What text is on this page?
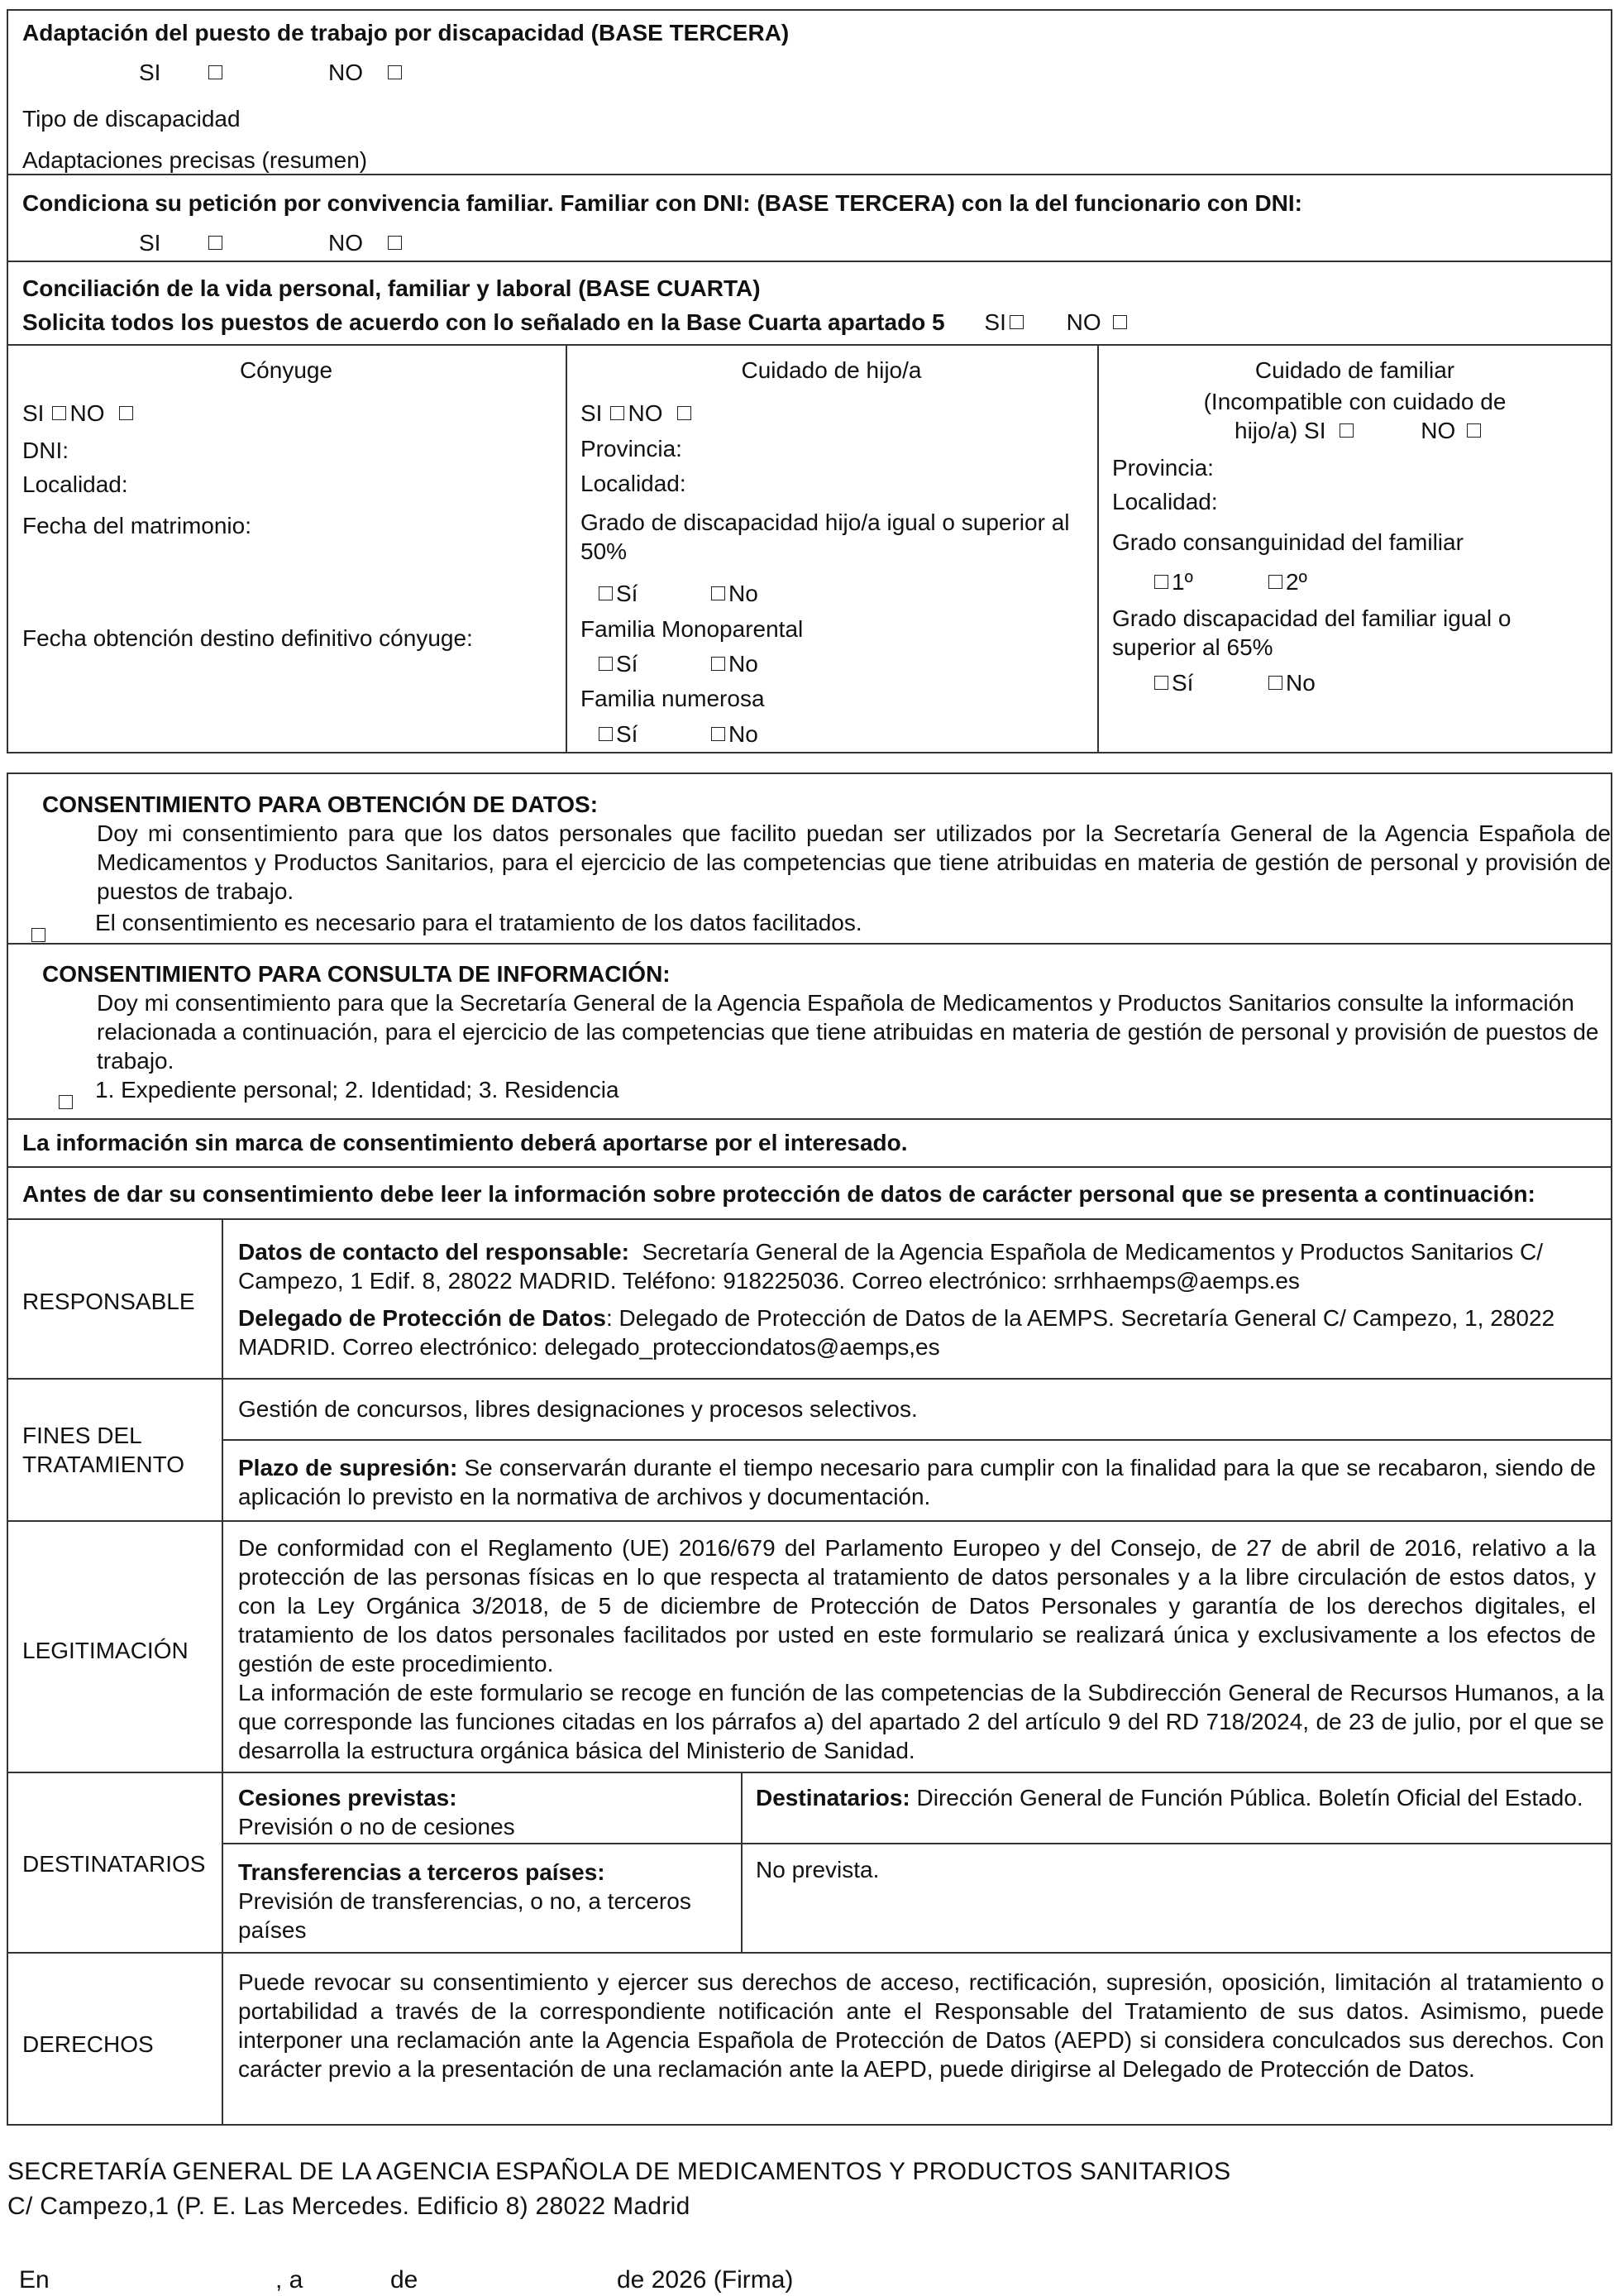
Adaptación del puesto de trabajo por discapacidad (BASE TERCERA)
SI	NO
Tipo de discapacidad
Adaptaciones precisas (resumen)
Condiciona su petición por convivencia familiar. Familiar con DNI: (BASE TERCERA) con la del funcionario con DNI:
SI	NO
Conciliación de la vida personal, familiar y laboral (BASE CUARTA)
Solicita todos los puestos de acuerdo con lo señalado en la Base Cuarta apartado 5 SI	NO
Cónyuge
SI NO
DNI:
Localidad:
Fecha del matrimonio:
Fecha obtención destino definitivo cónyuge:
Cuidado de hijo/a
SI NO
Provincia:
Localidad:
Grado de discapacidad hijo/a igual o superior al 50%
Sí	No
Familia Monoparental
Sí	No
Familia numerosa
Sí	No
Cuidado de familiar
(Incompatible con cuidado de
hijo/a) SI	NO
Provincia:
Localidad:
Grado consanguinidad del familiar
1º	2º
Grado discapacidad del familiar igual o superior al 65%
Sí	No
CONSENTIMIENTO PARA OBTENCIÓN DE DATOS:
Doy mi consentimiento para que los datos personales que facilito puedan ser utilizados por la Secretaría General de la Agencia Española de Medicamentos y Productos Sanitarios, para el ejercicio de las competencias que tiene atribuidas en materia de gestión de personal y provisión de puestos de trabajo.

El consentimiento es necesario para el tratamiento de los datos facilitados.
CONSENTIMIENTO PARA CONSULTA DE INFORMACIÓN:
Doy mi consentimiento para que la Secretaría General de la Agencia Española de Medicamentos y Productos Sanitarios consulte la información relacionada a continuación, para el ejercicio de las competencias que tiene atribuidas en materia de gestión de personal y provisión de puestos de trabajo.
1. Expediente personal; 2. Identidad; 3. Residencia
La información sin marca de consentimiento deberá aportarse por el interesado.
Antes de dar su consentimiento debe leer la información sobre protección de datos de carácter personal que se presenta a continuación:
RESPONSABLE
Datos de contacto del responsable: Secretaría General de la Agencia Española de Medicamentos y Productos Sanitarios C/ Campezo, 1 Edif. 8, 28022 MADRID. Teléfono: 918225036. Correo electrónico: srrhhaemps@aemps.es
Delegado de Protección de Datos: Delegado de Protección de Datos de la AEMPS. Secretaría General C/ Campezo, 1, 28022 MADRID. Correo electrónico: delegado_protecciondatos@aemps,es
FINES DEL TRATAMIENTO
Gestión de concursos, libres designaciones y procesos selectivos.
Plazo de supresión: Se conservarán durante el tiempo necesario para cumplir con la finalidad para la que se recabaron, siendo de aplicación lo previsto en la normativa de archivos y documentación.
LEGITIMACIÓN
De conformidad con el Reglamento (UE) 2016/679 del Parlamento Europeo y del Consejo, de 27 de abril de 2016, relativo a la protección de las personas físicas en lo que respecta al tratamiento de datos personales y a la libre circulación de estos datos, y con la Ley Orgánica 3/2018, de 5 de diciembre de Protección de Datos Personales y garantía de los derechos digitales, el tratamiento de los datos personales facilitados por usted en este formulario se realizará única y exclusivamente a los efectos de gestión de este procedimiento.
La información de este formulario se recoge en función de las competencias de la Subdirección General de Recursos Humanos, a la que corresponde las funciones citadas en los párrafos a) del apartado 2 del artículo 9 del RD 718/2024, de 23 de julio, por el que se desarrolla la estructura orgánica básica del Ministerio de Sanidad.
DESTINATARIOS
Cesiones previstas:
Previsión o no de cesiones
Destinatarios: Dirección General de Función Pública. Boletín Oficial del Estado.
Transferencias a terceros países:
Previsión de transferencias, o no, a terceros países
No prevista.
DERECHOS
Puede revocar su consentimiento y ejercer sus derechos de acceso, rectificación, supresión, oposición, limitación al tratamiento o portabilidad a través de la correspondiente notificación ante el Responsable del Tratamiento de sus datos. Asimismo, puede interponer una reclamación ante la Agencia Española de Protección de Datos (AEPD) si considera conculcados sus derechos. Con carácter previo a la presentación de una reclamación ante la AEPD, puede dirigirse al Delegado de Protección de Datos.
SECRETARÍA GENERAL DE LA AGENCIA ESPAÑOLA DE MEDICAMENTOS Y PRODUCTOS SANITARIOS
C/ Campezo,1 (P. E. Las Mercedes. Edificio 8) 28022 Madrid
En	, a	de	de 2026 (Firma)
